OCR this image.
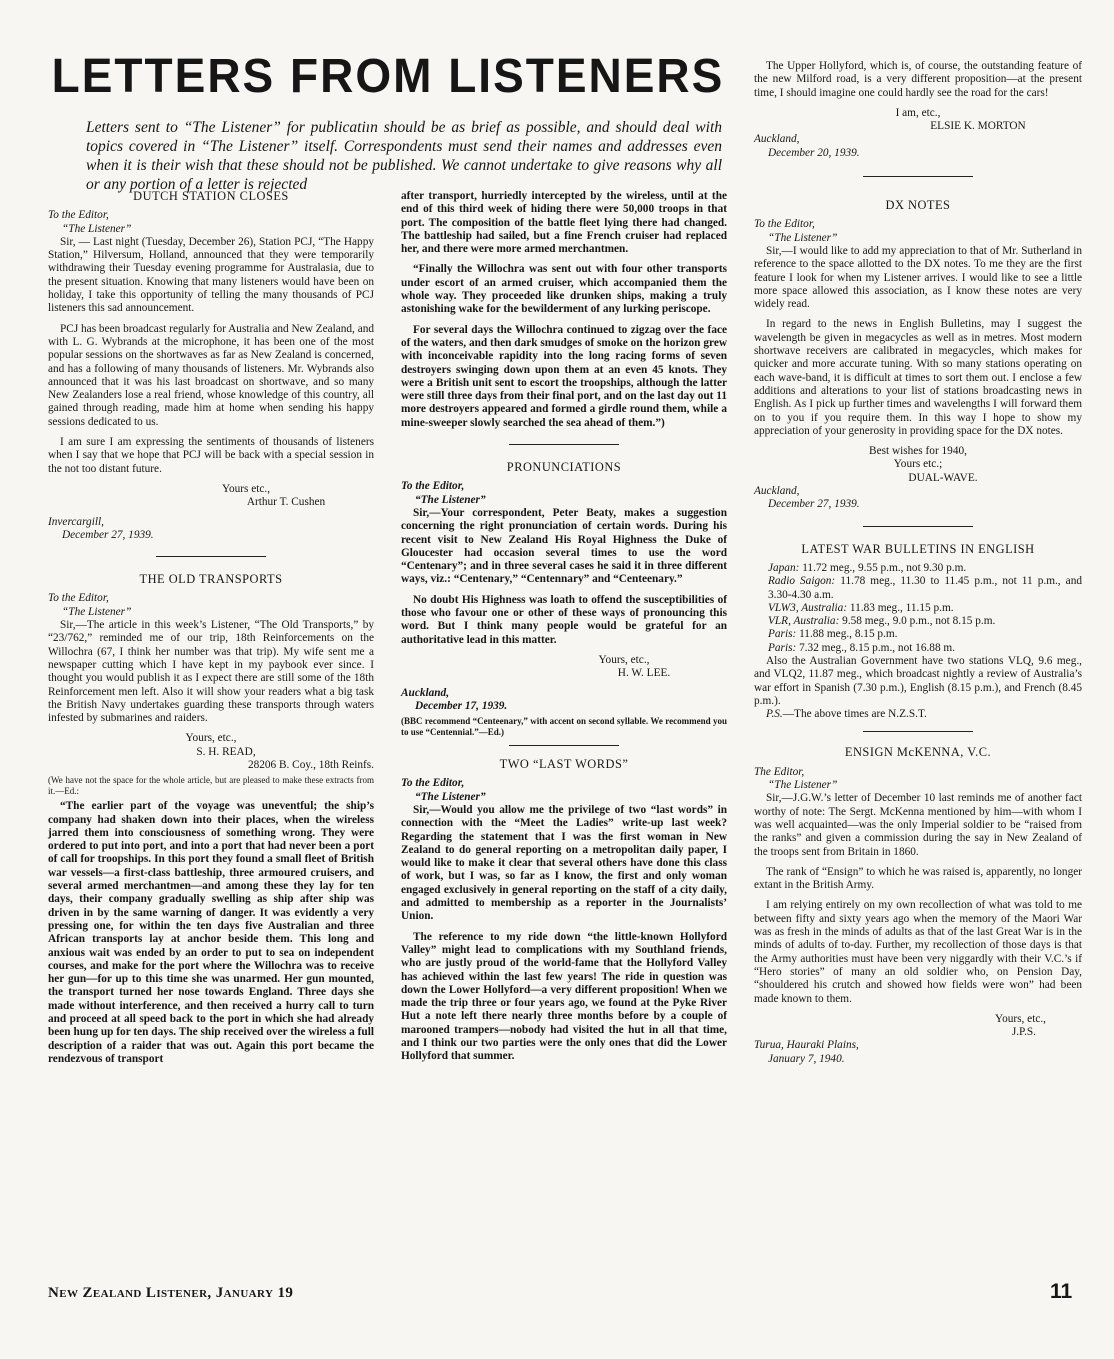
LETTERS FROM LISTENERS

Letters sent to “The Listener” for publicatiın should be as brief as possible, and should deal with topics covered in “The Listener” itself. Correspondents must send their names and addresses even when it is their wish that these should not be published. We cannot undertake to give reasons why all or any portion of a letter is rejected

DUTCH STATION CLOSES

To the Editor,

“The Listener”

Sir, — Last night (Tuesday, December 26), Station PCJ, “The Happy Station,” Hilversum, Holland, announced that they were temporarily withdrawing their Tuesday evening programme for Australasia, due to the present situation. Knowing that many listeners would have been on holiday, I take this opportunity of telling the many thousands of PCJ listeners this sad announcement.

PCJ has been broadcast regularly for Australia and New Zealand, and with L. G. Wybrands at the microphone, it has been one of the most popular sessions on the shortwaves as far as New Zealand is concerned, and has a following of many thousands of listeners. Mr. Wybrands also announced that it was his last broadcast on shortwave, and so many New Zealanders lose a real friend, whose knowledge of this country, all gained through reading, made him at home when sending his happy sessions dedicated to us.

I am sure I am expressing the sentiments of thousands of listeners when I say that we hope that PCJ will be back with a special session in the not too distant future.

Yours etc.,

Arthur T. Cushen

Invercargill,

December 27, 1939.

THE OLD TRANSPORTS

To the Editor,

“The Listener”

Sir,—The article in this week’s Listener, “The Old Transports,” by “23/762,” reminded me of our trip, 18th Reinforcements on the Willochra (67, I think her number was that trip). My wife sent me a newspaper cutting which I have kept in my paybook ever since. I thought you would publish it as I expect there are still some of the 18th Reinforcement men left. Also it will show your readers what a big task the British Navy undertakes guarding these transports through waters infested by submarines and raiders.

Yours, etc.,

S. H. READ,

28206 B. Coy., 18th Reinfs.

(We have not the space for the whole article, but are pleased to make these extracts from it.—Ed.:

“The earlier part of the voyage was uneventful; the ship’s company had shaken down into their places, when the wireless jarred them into consciousness of something wrong. They were ordered to put into port, and into a port that had never been a port of call for troopships. In this port they found a small fleet of British war vessels—a first-class battleship, three armoured cruisers, and several armed merchantmen—and among these they lay for ten days, their company gradually swelling as ship after ship was driven in by the same warning of danger. It was evidently a very pressing one, for within the ten days five Australian and three African transports lay at anchor beside them. This long and anxious wait was ended by an order to put to sea on independent courses, and make for the port where the Willochra was to receive her gun—for up to this time she was unarmed. Her gun mounted, the transport turned her nose towards England. Three days she made without interference, and then received a hurry call to turn and proceed at all speed back to the port in which she had already been hung up for ten days. The ship received over the wireless a full description of a raider that was out. Again this port became the rendezvous of transport

after transport, hurriedly intercepted by the wireless, until at the end of this third week of hiding there were 50,000 troops in that port. The composition of the battle fleet lying there had changed. The battleship had sailed, but a fine French cruiser had replaced her, and there were more armed merchantmen.

“Finally the Willochra was sent out with four other transports under escort of an armed cruiser, which accompanied them the whole way. They proceeded like drunken ships, making a truly astonishing wake for the bewilderment of any lurking periscope.

For several days the Willochra continued to zigzag over the face of the waters, and then dark smudges of smoke on the horizon grew with inconceivable rapidity into the long racing forms of seven destroyers swinging down upon them at an even 45 knots. They were a British unit sent to escort the troopships, although the latter were still three days from their final port, and on the last day out 11 more destroyers appeared and formed a girdle round them, while a mine-sweeper slowly searched the sea ahead of them.”)

PRONUNCIATIONS

To the Editor,

“The Listener”

Sir,—Your correspondent, Peter Beaty, makes a suggestion concerning the right pronunciation of certain words. During his recent visit to New Zealand His Royal Highness the Duke of Gloucester had occasion several times to use the word “Centenary”; and in three several cases he said it in three different ways, viz.: “Centenary,” “Centennary” and “Centeenary.”

No doubt His Highness was loath to offend the susceptibilities of those who favour one or other of these ways of pronouncing this word. But I think many people would be grateful for an authoritative lead in this matter.

Yours, etc.,

H. W. LEE.

Auckland,

December 17, 1939.

(BBC recommend “Centeenary,” with accent on second syllable. We recommend you to use “Centennial.”—Ed.)

TWO “LAST WORDS”

To the Editor,

“The Listener”

Sir,—Would you allow me the privilege of two “last words” in connection with the “Meet the Ladies” write-up last week? Regarding the statement that I was the first woman in New Zealand to do general reporting on a metropolitan daily paper, I would like to make it clear that several others have done this class of work, but I was, so far as I know, the first and only woman engaged exclusively in general reporting on the staff of a city daily, and admitted to membership as a reporter in the Journalists’ Union.

The reference to my ride down “the little-known Hollyford Valley” might lead to complications with my Southland friends, who are justly proud of the world-fame that the Hollyford Valley has achieved within the last few years! The ride in question was down the Lower Hollyford—a very different proposition! When we made the trip three or four years ago, we found at the Pyke River Hut a note left there nearly three months before by a couple of marooned trampers—nobody had visited the hut in all that time, and I think our two parties were the only ones that did the Lower Hollyford that summer.

The Upper Hollyford, which is, of course, the outstanding feature of the new Milford road, is a very different proposition—at the present time, I should imagine one could hardly see the road for the cars!

I am, etc.,

ELSIE K. MORTON

Auckland,

December 20, 1939.

DX NOTES

To the Editor,

“The Listener”

Sir,—I would like to add my appreciation to that of Mr. Sutherland in reference to the space allotted to the DX notes. To me they are the first feature I look for when my Listener arrives. I would like to see a little more space allowed this association, as I know these notes are very widely read.

In regard to the news in English Bulletins, may I suggest the wavelength be given in megacycles as well as in metres. Most modern shortwave receivers are calibrated in megacycles, which makes for quicker and more accurate tuning. With so many stations operating on each wave-band, it is difficult at times to sort them out. I enclose a few additions and alterations to your list of stations broadcasting news in English. As I pick up further times and wavelengths I will forward them on to you if you require them. In this way I hope to show my appreciation of your generosity in providing space for the DX notes.

Best wishes for 1940,

Yours etc.;

DUAL-WAVE.

Auckland,

December 27, 1939.

LATEST WAR BULLETINS IN ENGLISH

Japan: 11.72 meg., 9.55 p.m., not 9.30 p.m.

Radio Saigon: 11.78 meg., 11.30 to 11.45 p.m., not 11 p.m., and 3.30-4.30 a.m.

VLW3, Australia: 11.83 meg., 11.15 p.m.

VLR, Australia: 9.58 meg., 9.0 p.m., not 8.15 p.m.

Paris: 11.88 meg., 8.15 p.m.

Paris: 7.32 meg., 8.15 p.m., not 16.88 m.

Also the Australian Government have two stations VLQ, 9.6 meg., and VLQ2, 11.87 meg., which broadcast nightly a review of Australia’s war effort in Spanish (7.30 p.m.), English (8.15 p.m.), and French (8.45 p.m.).

P.S.—The above times are N.Z.S.T.

ENSIGN McKENNA, V.C.

The Editor,

“The Listener”

Sir,—J.G.W.’s letter of December 10 last reminds me of another fact worthy of note: The Sergt. McKenna mentioned by him—with whom I was well acquainted—was the only Imperial soldier to be “raised from the ranks” and given a commission during the say in New Zealand of the troops sent from Britain in 1860.

The rank of “Ensign” to which he was raised is, apparently, no longer extant in the British Army.

I am relying entirely on my own recollection of what was told to me between fifty and sixty years ago when the memory of the Maori War was as fresh in the minds of adults as that of the last Great War is in the minds of adults of to-day. Further, my recollection of those days is that the Army authorities must have been very niggardly with their V.C.’s if “Hero stories” of many an old soldier who, on Pension Day, “shouldered his crutch and showed how fields were won” had been made known to them.

Yours, etc.,

J.P.S.

Turua, Hauraki Plains,

January 7, 1940.

New Zealand Listener, January 19	11
